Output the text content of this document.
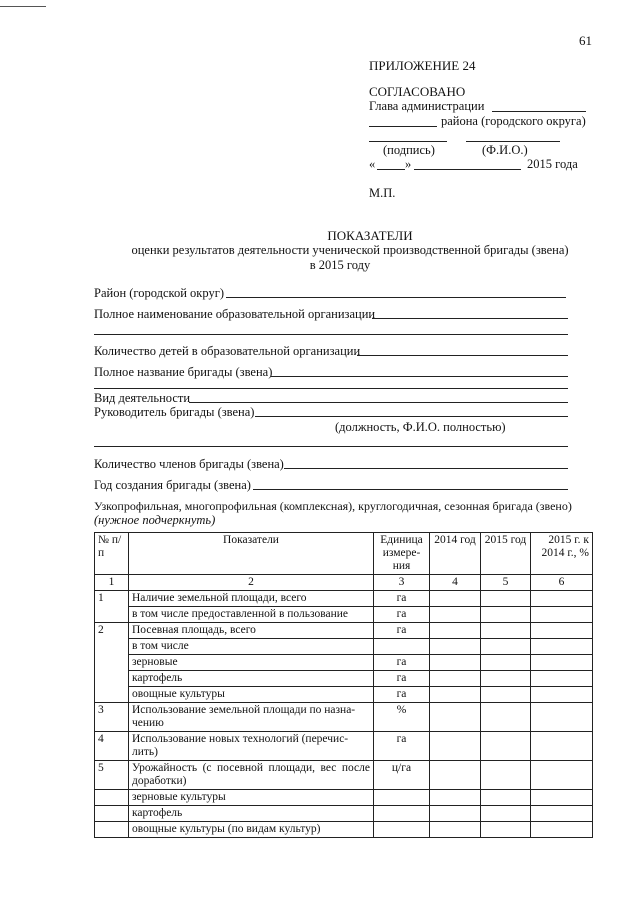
61
ПРИЛОЖЕНИЕ 24
СОГЛАСОВАНО
Глава администрации
района (городского округа)
(подпись)	(Ф.И.О.)
« »	2015 года
М.П.
ПОКАЗАТЕЛИ
оценки результатов деятельности ученической производственной бригады (звена)
в 2015 году
Район (городской округ)
Полное наименование образовательной организации
Количество детей в образовательной организации
Полное название бригады (звена)
Вид деятельности
Руководитель бригады (звена)
(должность, Ф.И.О. полностью)
Количество членов бригады (звена)
Год создания бригады (звена)
Узкопрофильная, многопрофильная (комплексная), круглогодичная, сезонная бригада (звено)
(нужное подчеркнуть)
№ п/п	Показатели	Единица измере-ния	2014 год	2015 год	2015 г. к 2014 г., %
1	2	3	4	5	6
1	Наличие земельной площади, всего	га			
	в том числе предоставленной в пользование	га			
2	Посевная площадь, всего	га			
	в том числе				
	зерновые	га			
	картофель	га			
	овощные культуры	га			
3	Использование земельной площади по назна-чению	%			
4	Использование новых технологий (перечис-лить)	га			
5	Урожайность (с посевной площади, вес после доработки)	ц/га			
	зерновые культуры				
	картофель				
	овощные культуры (по видам культур)				
